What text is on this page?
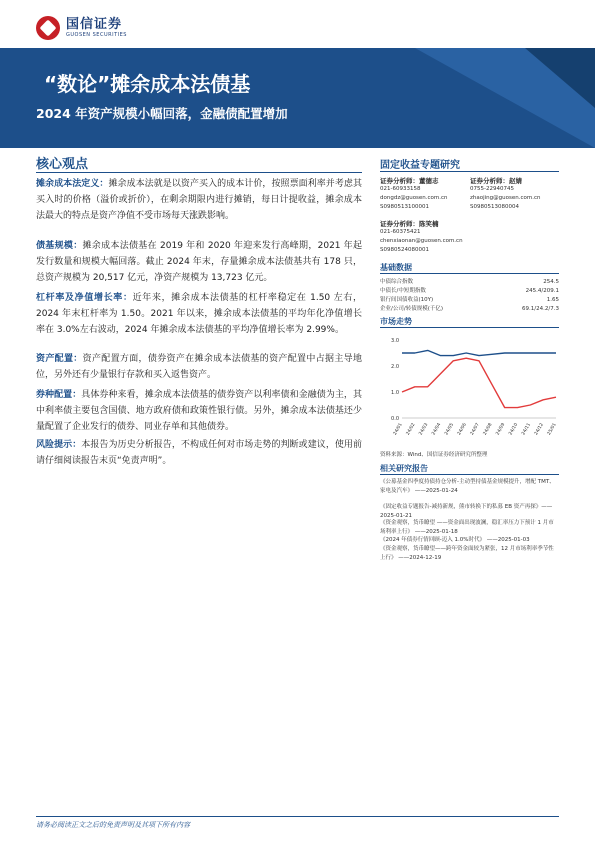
国信证券
GUOSEN SECURITIES
“数论”摊余成本法债基
2024 年资产规模小幅回落，金融债配置增加
核心观点
摊余成本法定义：摊余成本法就是以资产买入的成本计价，按照票面利率并考虑其买入时的价格（溢价或折价），在剩余期限内进行摊销，每日计提收益，摊余成本法最大的特点是资产净值不受市场每天涨跌影响。
债基规模：摊余成本法债基在 2019 年和 2020 年迎来发行高峰期，2021 年起发行数量和规模大幅回落。截止 2024 年末，存量摊余成本法债基共有 178 只，总资产规模为 20,517 亿元，净资产规模为 13,723 亿元。
杠杆率及净值增长率：近年来，摊余成本法债基的杠杆率稳定在 1.50 左右，2024 年末杠杆率为 1.50。2021 年以来，摊余成本法债基的平均年化净值增长率在 3.0%左右波动，2024 年摊余成本法债基的平均净值增长率为 2.99%。
资产配置：资产配置方面，债券资产在摊余成本法债基的资产配置中占据主导地位，另外还有少量银行存款和买入返售资产。
券种配置：具体券种来看，摊余成本法债基的债券资产以利率债和金融债为主，其中利率债主要包含国债、地方政府债和政策性银行债。另外，摊余成本法债基还少量配置了企业发行的债券、同业存单和其他债券。
风险提示：本报告为历史分析报告，不构成任何对市场走势的判断或建议，使用前请仔细阅读报告末页“免责声明”。
固定收益专题研究
证券分析师：董德志
021-60933158
dongdz@guosen.com.cn
S0980513100001
证券分析师：赵婧
0755-22940745
zhaojing@guosen.com.cn
S0980513080004
证券分析师：陈笑楠
021-60375421
chenxiaonan@guosen.com.cn
S0980524080001
基础数据
中债综合指数	254.5
中债长/中短期指数	245.4/209.1
银行间国债收益(10Y)	1.65
企业/公司/转债规模(千亿)	69.1/24.2/7.3
市场走势
3.0
2.0
1.0
0.0
24/01 24/02 24/03 24/04 24/05 24/06 24/07 24/08 24/09 24/10 24/11 24/12 25/01
资料来源：Wind、国信证券经济研究所整理
相关研究报告
《公募基金四季度持债持仓分析-主动型持债基金规模提升，增配 TMT、家电及汽车》 ——2025-01-24
《固定收益专题报告-减持新规，熊市转换下的私募 EB 资产再探》——2025-01-21
《资金观察，货币瞭望 ——资金面出现波澜，稳汇率压力下预计 1 月市场利率上行》 ——2025-01-18
《2024 年债券行情回顾-迈入 1.0%时代》 ——2025-01-03
《资金观察，货币瞭望——跨年资金面较为紧张，12 月市场利率季节性上行》 ——2024-12-19
请务必阅读正文之后的免责声明及其项下所有内容
